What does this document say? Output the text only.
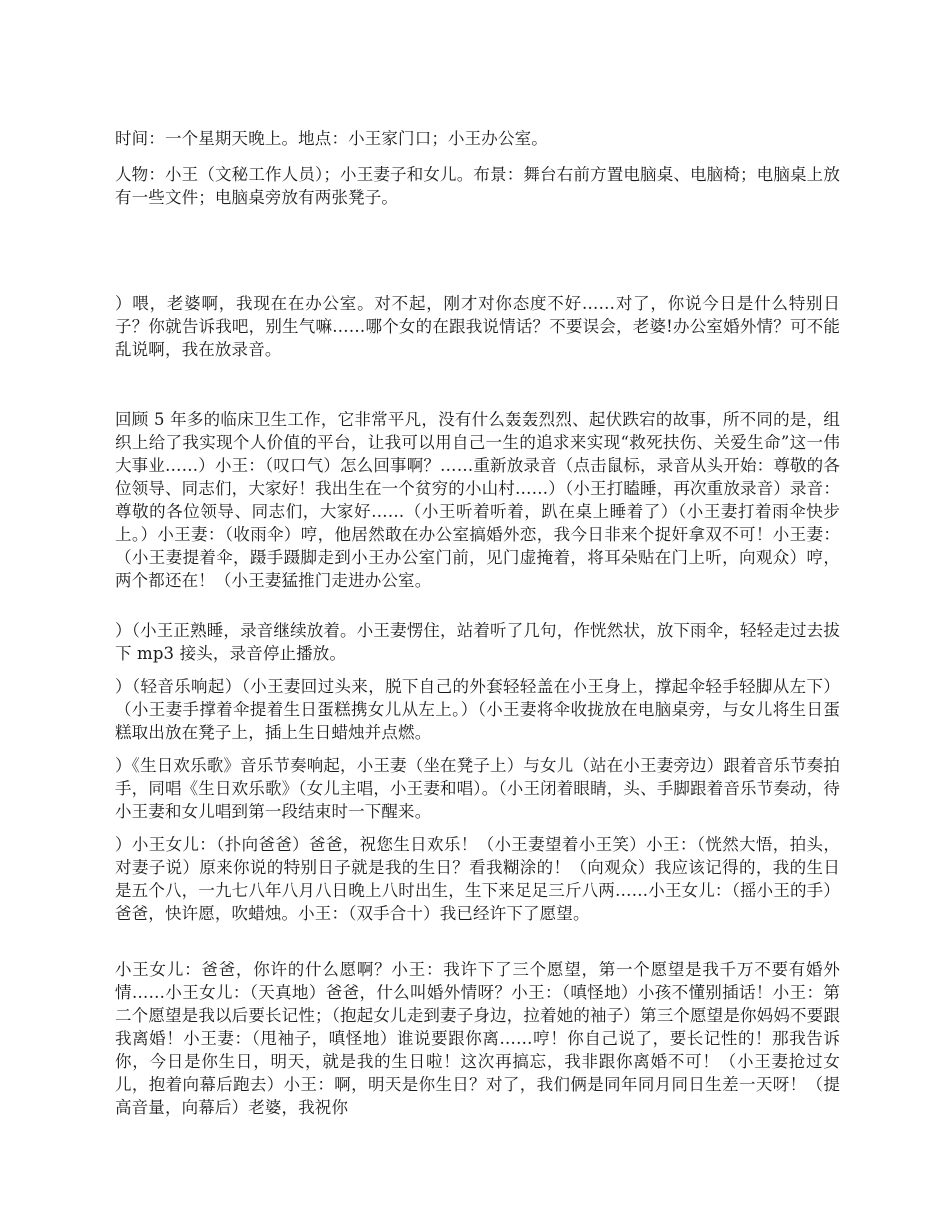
时间：一个星期天晚上。地点：小王家门口；小王办公室。

人物：小王（文秘工作人员）；小王妻子和女儿。布景：舞台右前方置电脑桌、电脑椅；电脑桌上放有一些文件；电脑桌旁放有两张凳子。

）喂，老婆啊，我现在在办公室。对不起，刚才对你态度不好……对了，你说今日是什么特别日子？你就告诉我吧，别生气嘛……哪个女的在跟我说情话？不要误会，老婆!办公室婚外情？可不能乱说啊，我在放录音。

回顾 5 年多的临床卫生工作，它非常平凡，没有什么轰轰烈烈、起伏跌宕的故事，所不同的是，组织上给了我实现个人价值的平台，让我可以用自己一生的追求来实现“救死扶伤、关爱生命”这一伟大事业……）小王：（叹口气）怎么回事啊？……重新放录音（点击鼠标，录音从头开始：尊敬的各位领导、同志们，大家好！我出生在一个贫穷的小山村……）（小王打瞌睡，再次重放录音）录音：尊敬的各位领导、同志们，大家好……（小王听着听着，趴在桌上睡着了）（小王妻打着雨伞快步上。）小王妻：（收雨伞）哼，他居然敢在办公室搞婚外恋，我今日非来个捉奸拿双不可！小王妻：（小王妻提着伞，蹑手蹑脚走到小王办公室门前，见门虚掩着，将耳朵贴在门上听，向观众）哼，两个都还在！（小王妻猛推门走进办公室。

）（小王正熟睡，录音继续放着。小王妻愣住，站着听了几句，作恍然状，放下雨伞，轻轻走过去拔下 mp3 接头，录音停止播放。

）（轻音乐响起）（小王妻回过头来，脱下自己的外套轻轻盖在小王身上，撑起伞轻手轻脚从左下）（小王妻手撑着伞提着生日蛋糕携女儿从左上。）（小王妻将伞收拢放在电脑桌旁，与女儿将生日蛋糕取出放在凳子上，插上生日蜡烛并点燃。

）《生日欢乐歌》音乐节奏响起，小王妻（坐在凳子上）与女儿（站在小王妻旁边）跟着音乐节奏拍手，同唱《生日欢乐歌》（女儿主唱，小王妻和唱）。（小王闭着眼睛，头、手脚跟着音乐节奏动，待小王妻和女儿唱到第一段结束时一下醒来。

）小王女儿：（扑向爸爸）爸爸，祝您生日欢乐！（小王妻望着小王笑）小王：（恍然大悟，拍头，对妻子说）原来你说的特别日子就是我的生日？看我糊涂的！（向观众）我应该记得的，我的生日是五个八，一九七八年八月八日晚上八时出生，生下来足足三斤八两……小王女儿：（摇小王的手）爸爸，快许愿，吹蜡烛。小王：（双手合十）我已经许下了愿望。

小王女儿：爸爸，你许的什么愿啊？小王：我许下了三个愿望，第一个愿望是我千万不要有婚外情……小王女儿：（天真地）爸爸，什么叫婚外情呀？小王：（嗔怪地）小孩不懂别插话！小王：第二个愿望是我以后要长记性；（抱起女儿走到妻子身边，拉着她的袖子）第三个愿望是你妈妈不要跟我离婚！小王妻：（甩袖子，嗔怪地）谁说要跟你离……哼！你自己说了，要长记性的！那我告诉你，今日是你生日，明天，就是我的生日啦！这次再搞忘，我非跟你离婚不可！（小王妻抢过女儿，抱着向幕后跑去）小王：啊，明天是你生日？对了，我们俩是同年同月同日生差一天呀！（提高音量，向幕后）老婆，我祝你
